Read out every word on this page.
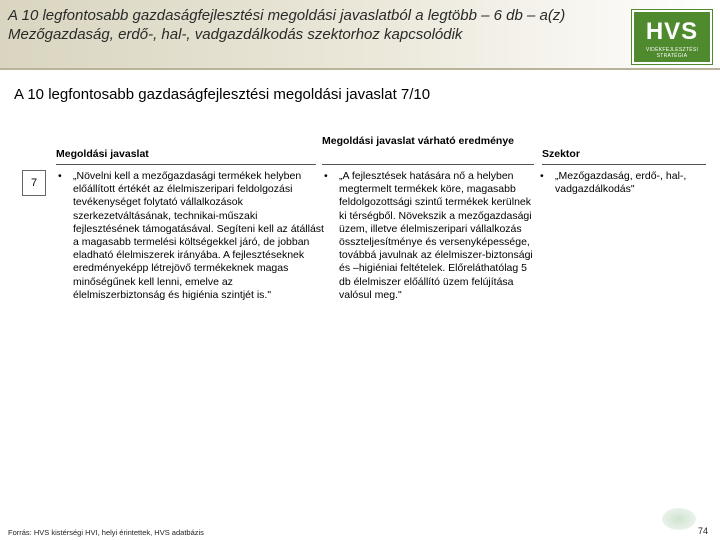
A 10 legfontosabb gazdaságfejlesztési megoldási javaslatból a legtöbb – 6 db – a(z) Mezőgazdaság, erdő-, hal-, vadgazdálkodás szektorhoz kapcsolódik	HVS
VIDÉKFEJLESZTÉSI STRATÉGIA
A 10 legfontosabb gazdaságfejlesztési megoldási javaslat 7/10
Megoldási javaslat
Megoldási javaslat várható eredménye
Szektor
7
• „Növelni kell a mezőgazdasági termékek helyben előállított értékét az élelmiszeripari feldolgozási tevékenységet folytató vállalkozások szerkezetváltásának, technikai-műszaki fejlesztésének támogatásával. Segíteni kell az átállást a magasabb termelési költségekkel járó, de jobban eladható élelmiszerek irányába. A fejlesztéseknek eredményeképp létrejövő termékeknek magas minőségűnek kell lenni, emelve az élelmiszerbiztonság és higiénia szintjét is."
• „A fejlesztések hatására nő a helyben megtermelt termékek köre, magasabb feldolgozottsági szintű termékek kerülnek ki térségből. Növekszik a mezőgazdasági üzem, illetve élelmiszeripari vállalkozás összteljesítménye és versenyképessége, továbbá javulnak az élelmiszer-biztonsági és –higiéniai feltételek. Előreláthatólag 5 db élelmiszer előállító üzem felújítása valósul meg."
• „Mezőgazdaság, erdő-, hal-, vadgazdálkodás"
Forrás: HVS kistérségi HVI, helyi érintettek, HVS adatbázis	74
